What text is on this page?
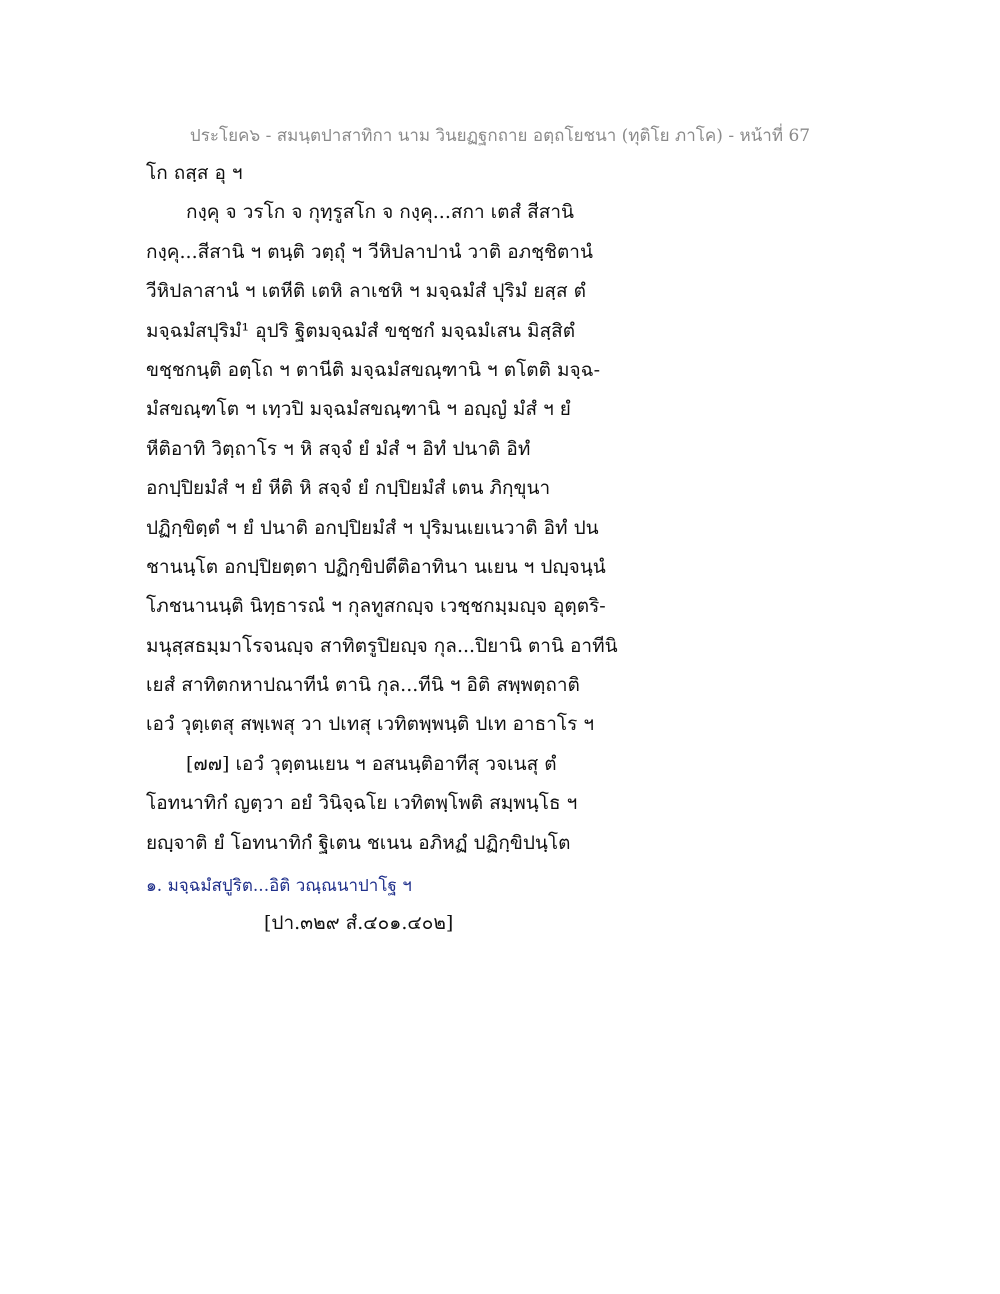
ประโยค๖ - สมนฺตปาสาทิกา นาม วินยฏฐกถาย อตฺถโยชนา (ทุติโย ภาโค) - หน้าที่ 67
โก ถสฺส อุ ฯ
กงฺคุ จ วรโก จ กุทฺรูสโก จ กงฺคุ...สกา เตสํ สีสานิ
กงฺคุ...สีสานิ ฯ ตนฺติ วตฺถุํ ฯ วีหิปลาปานํ วาติ อภชฺชิตานํ
วีหิปลาสานํ ฯ เตหีติ เตหิ ลาเชหิ ฯ มจฺฉมํสํ ปุริมํ ยสฺส ตํ
มจฺฉมํสปุริมํ¹ อุปริ ฐิตมจฺฉมํสํ ขชฺชกํ มจฺฉมํเสน มิสฺสิตํ
ขชฺชกนฺติ อตฺโถ ฯ ตานีติ มจฺฉมํสขณฺฑานิ ฯ ตโตติ มจฺฉ-
มํสขณฺฑโต ฯ เทฺวปิ มจฺฉมํสขณฺฑานิ ฯ อญฺญํ มํสํ ฯ ยํ
หีติอาทิ วิตฺถาโร ฯ หิ สจฺจํ ยํ มํสํ ฯ อิทํ ปนาติ อิทํ
อกปฺปิยมํสํ ฯ ยํ หีติ หิ สจฺจํ ยํ กปฺปิยมํสํ เตน ภิกฺขุนา
ปฏิกฺขิตฺตํ ฯ ยํ ปนาติ อกปฺปิยมํสํ ฯ ปุริมนเยเนวาติ อิทํ ปน
ชานนฺโต อกปฺปิยตฺตา ปฏิกฺขิปตีติอาทินา นเยน ฯ ปญฺจนฺนํ
โภชนานนฺติ นิทฺธารณํ ฯ กุลทูสกญฺจ เวชฺชกมฺมญฺจ อุตฺตริ-
มนุสฺสธมฺมาโรจนญฺจ สาทิตรูปิยญฺจ กุล...ปิยานิ ตานิ อาทีนิ
เยสํ สาทิตกหาปณาทีนํ ตานิ กุล...ทีนิ ฯ อิติ สพฺพตฺถาติ
เอวํ วุตฺเตสุ สพฺเพสุ วา ปเทสุ เวทิตพฺพนฺติ ปเท อาธาโร ฯ
[๗๗] เอวํ วุตฺตนเยน ฯ อสนนฺติอาทีสุ วจเนสุ ตํ
โอทนาทิกํ ญตฺวา อยํ วินิจฺฉโย เวทิตพฺโพติ สมฺพนฺโธ ฯ
ยญฺจาติ ยํ โอทนาทิกํ ฐิเตน ชเนน อภิหฏํ ปฏิกฺขิปนฺโต
๑. มจฺฉมํสปูริต...อิติ วณฺณนาปาโฐ ฯ
[ปา.๓๒๙ สํ.๔๐๑.๔๐๒]
